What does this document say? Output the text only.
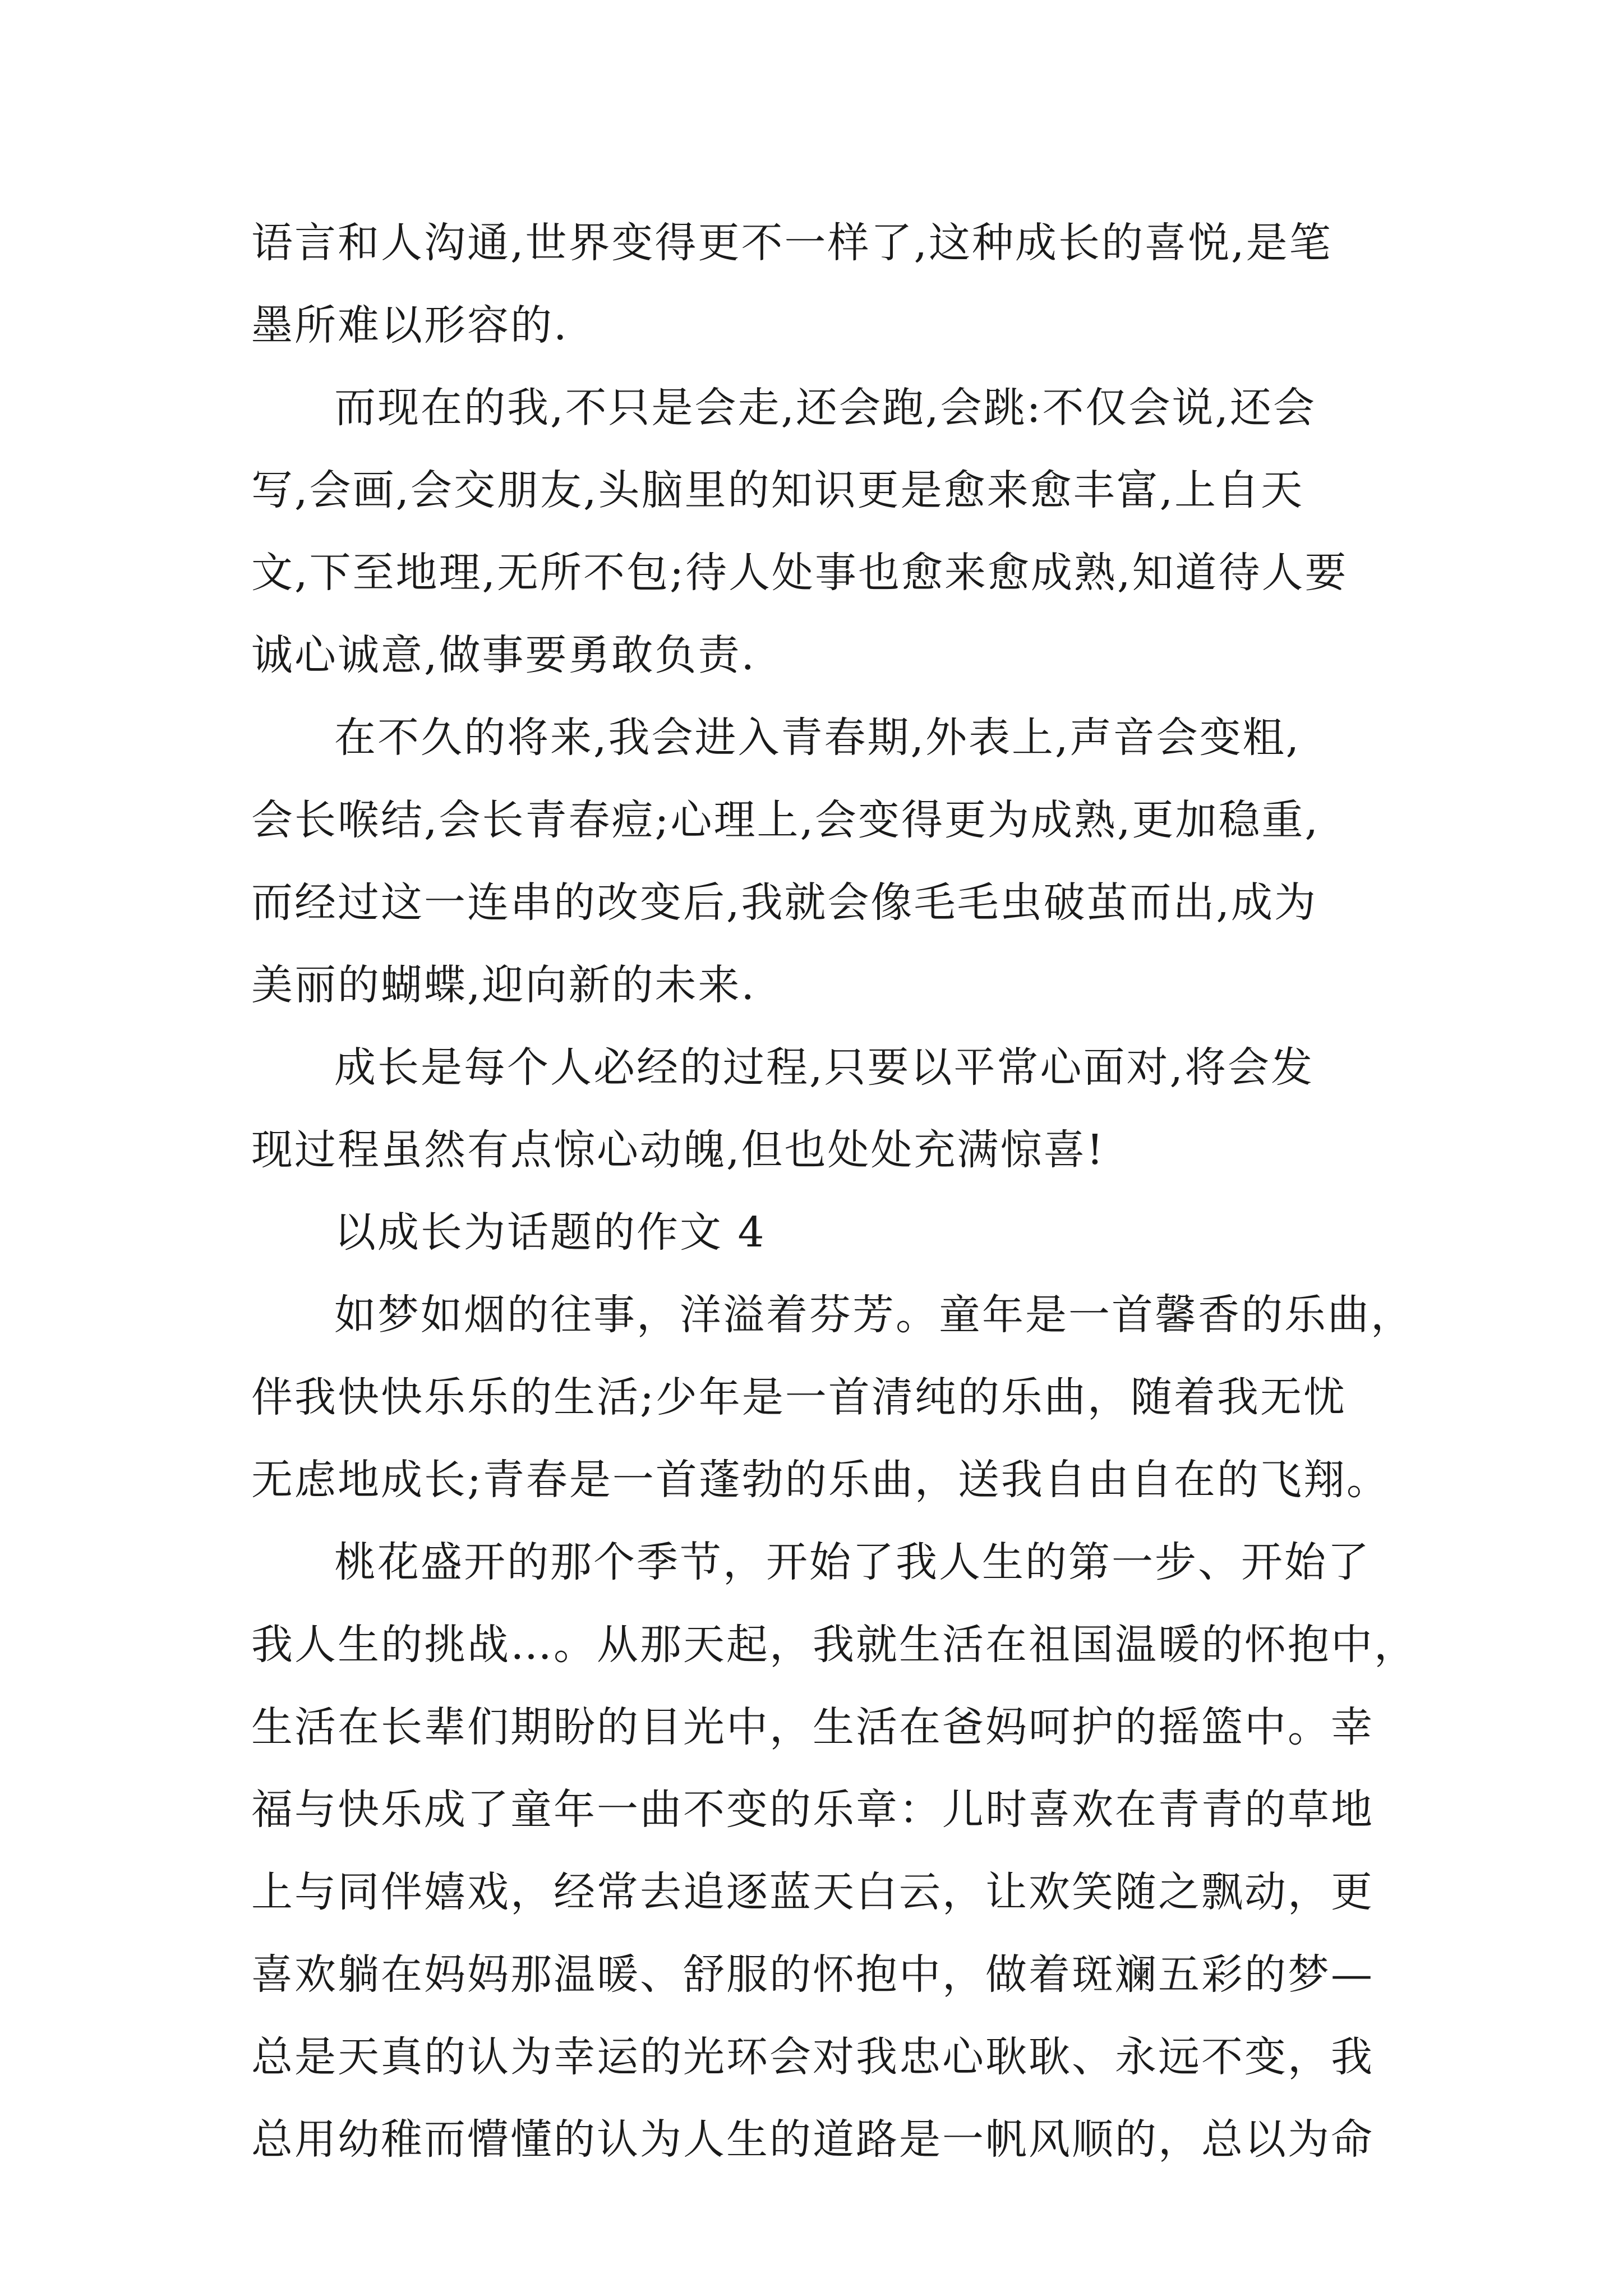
语言和人沟通,世界变得更不一样了,这种成长的喜悦,是笔
墨所难以形容的.
而现在的我,不只是会走,还会跑,会跳:不仅会说,还会
写,会画,会交朋友,头脑里的知识更是愈来愈丰富,上自天
文,下至地理,无所不包;待人处事也愈来愈成熟,知道待人要
诚心诚意,做事要勇敢负责.
在不久的将来,我会进入青春期,外表上,声音会变粗,
会长喉结,会长青春痘;心理上,会变得更为成熟,更加稳重,
而经过这一连串的改变后,我就会像毛毛虫破茧而出,成为
美丽的蝴蝶,迎向新的未来.
成长是每个人必经的过程,只要以平常心面对,将会发
现过程虽然有点惊心动魄,但也处处充满惊喜!
以成长为话题的作文 4
如梦如烟的往事，洋溢着芬芳。童年是一首馨香的乐曲，
伴我快快乐乐的生活;少年是一首清纯的乐曲，随着我无忧
无虑地成长;青春是一首蓬勃的乐曲，送我自由自在的飞翔。
桃花盛开的那个季节，开始了我人生的第一步、开始了
我人生的挑战…。从那天起，我就生活在祖国温暖的怀抱中，
生活在长辈们期盼的目光中，生活在爸妈呵护的摇篮中。幸
福与快乐成了童年一曲不变的乐章：儿时喜欢在青青的草地
上与同伴嬉戏，经常去追逐蓝天白云，让欢笑随之飘动，更
喜欢躺在妈妈那温暖、舒服的怀抱中，做着斑斓五彩的梦—
总是天真的认为幸运的光环会对我忠心耿耿、永远不变，我
总用幼稚而懵懂的认为人生的道路是一帆风顺的，总以为命
